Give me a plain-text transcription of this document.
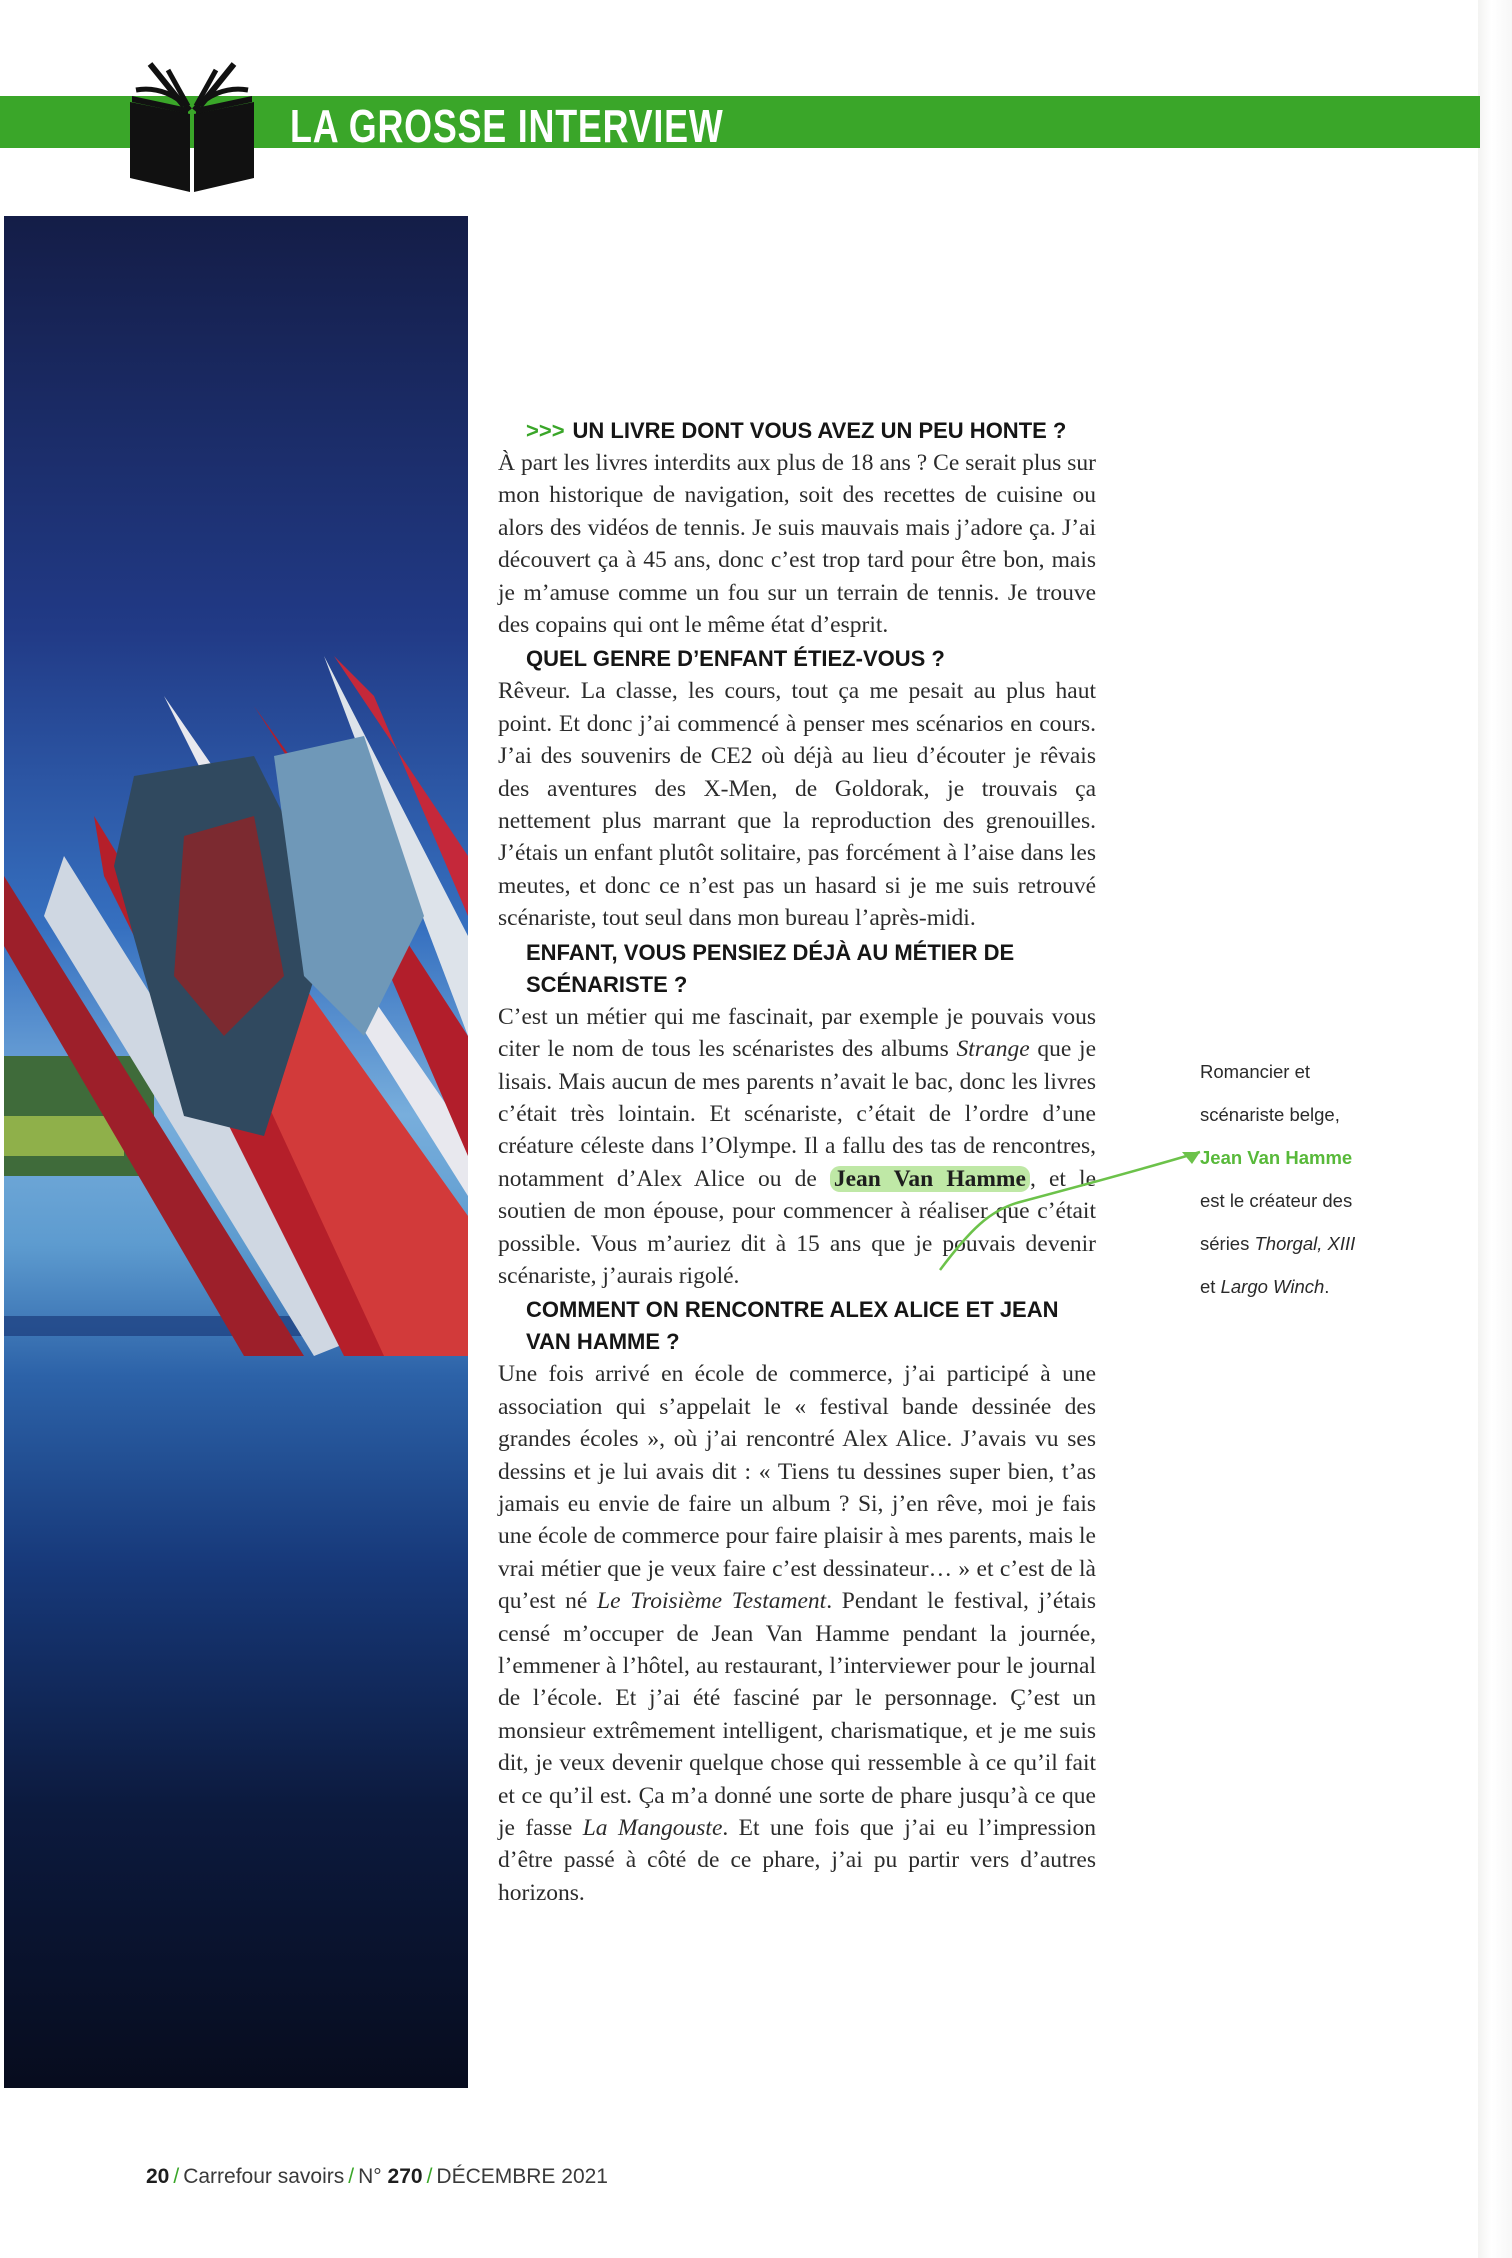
LA GROSSE INTERVIEW

>>> UN LIVRE DONT VOUS AVEZ UN PEU HONTE ?

À part les livres interdits aux plus de 18 ans ? Ce serait plus sur mon historique de navigation, soit des recettes de cuisine ou alors des vidéos de tennis. Je suis mauvais mais j’adore ça. J’ai découvert ça à 45 ans, donc c’est trop tard pour être bon, mais je m’amuse comme un fou sur un terrain de tennis. Je trouve des copains qui ont le même état d’esprit.

QUEL GENRE D’ENFANT ÉTIEZ-VOUS ?

Rêveur. La classe, les cours, tout ça me pesait au plus haut point. Et donc j’ai commencé à penser mes scénarios en cours. J’ai des souvenirs de CE2 où déjà au lieu d’écouter je rêvais des aventures des X-Men, de Goldorak, je trouvais ça nettement plus marrant que la reproduction des grenouilles. J’étais un enfant plutôt solitaire, pas forcément à l’aise dans les meutes, et donc ce n’est pas un hasard si je me suis retrouvé scénariste, tout seul dans mon bureau l’après-midi.

ENFANT, VOUS PENSIEZ DÉJÀ AU MÉTIER DE SCÉNARISTE ?

C’est un métier qui me fascinait, par exemple je pouvais vous citer le nom de tous les scénaristes des albums Strange que je lisais. Mais aucun de mes parents n’avait le bac, donc les livres c’était très lointain. Et scénariste, c’était de l’ordre d’une créature céleste dans l’Olympe. Il a fallu des tas de rencontres, notamment d’Alex Alice ou de Jean Van Hamme , et le soutien de mon épouse, pour commencer à réaliser que c’était possible. Vous m’auriez dit à 15 ans que je pouvais devenir scénariste, j’aurais rigolé.

COMMENT ON RENCONTRE ALEX ALICE ET JEAN VAN HAMME ?

Une fois arrivé en école de commerce, j’ai participé à une association qui s’appelait le « festival bande dessinée des grandes écoles », où j’ai rencontré Alex Alice. J’avais vu ses dessins et je lui avais dit : « Tiens tu dessines super bien, t’as jamais eu envie de faire un album ? Si, j’en rêve, moi je fais une école de commerce pour faire plaisir à mes parents, mais le vrai métier que je veux faire c’est dessinateur… » et c’est de là qu’est né Le Troisième Testament. Pendant le festival, j’étais censé m’occuper de Jean Van Hamme pendant la journée, l’emmener à l’hôtel, au restaurant, l’interviewer pour le journal de l’école. Et j’ai été fasciné par le personnage. Ç’est un monsieur extrêmement intelligent, charismatique, et je me suis dit, je veux devenir quelque chose qui ressemble à ce qu’il fait et ce qu’il est. Ça m’a donné une sorte de phare jusqu’à ce que je fasse La Mangouste. Et une fois que j’ai eu l’impression d’être passé à côté de ce phare, j’ai pu partir vers d’autres horizons.

Romancier et
scénariste belge,
Jean Van Hamme
est le créateur des
séries Thorgal, XIII
et Largo Winch.
20 / Carrefour savoirs / N° 270 / DÉCEMBRE 2021
